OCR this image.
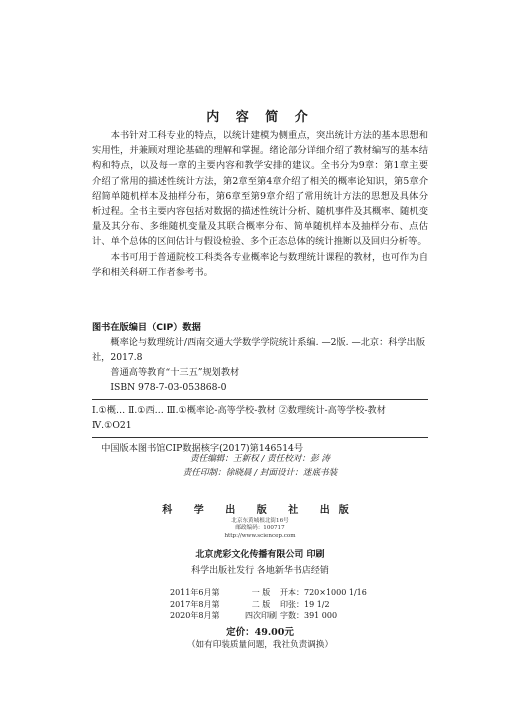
内 容 简 介

本书针对工科专业的特点，以统计建模为侧重点，突出统计方法的基本思想和实用性，并兼顾对理论基础的理解和掌握。绪论部分详细介绍了教材编写的基本结构和特点，以及每一章的主要内容和教学安排的建议。全书分为9章：第1章主要介绍了常用的描述性统计方法，第2章至第4章介绍了相关的概率论知识，第5章介绍简单随机样本及抽样分布，第6章至第9章介绍了常用统计方法的思想及具体分析过程。全书主要内容包括对数据的描述性统计分析、随机事件及其概率、随机变量及其分布、多维随机变量及其联合概率分布、简单随机样本及抽样分布、点估计、单个总体的区间估计与假设检验、多个正态总体的统计推断以及回归分析等。

本书可用于普通院校工科类各专业概率论与数理统计课程的教材，也可作为自学和相关科研工作者参考书。

图书在版编目（CIP）数据
概率论与数理统计/西南交通大学数学学院统计系编. —2版. —北京：科学出版社，2017.8
普通高等教育“十三五”规划教材
ISBN 978-7-03-053868-0
Ⅰ.①概… Ⅱ.①西… Ⅲ.①概率论-高等学校-教材 ②数理统计-高等学校-教材 Ⅳ.①O21
中国版本图书馆CIP数据核字(2017)第146514号
责任编辑：王新权 / 责任校对：彭 涛
责任印制：徐晓晨 / 封面设计：迷底书装
科 学 出 版 社 出版
北京东黄城根北街16号
邮政编码：100717
http://www.sciencep.com
北京虎彩文化传播有限公司 印刷
科学出版社发行 各地新华书店经销
2011年6月第	一 版 开本：720×1000 1/16
2017年8月第	二 版 印张：19 1/2
2020年8月第	四次印刷 字数：391 000
定价：49.00元
（如有印装质量问题，我社负责调换）
